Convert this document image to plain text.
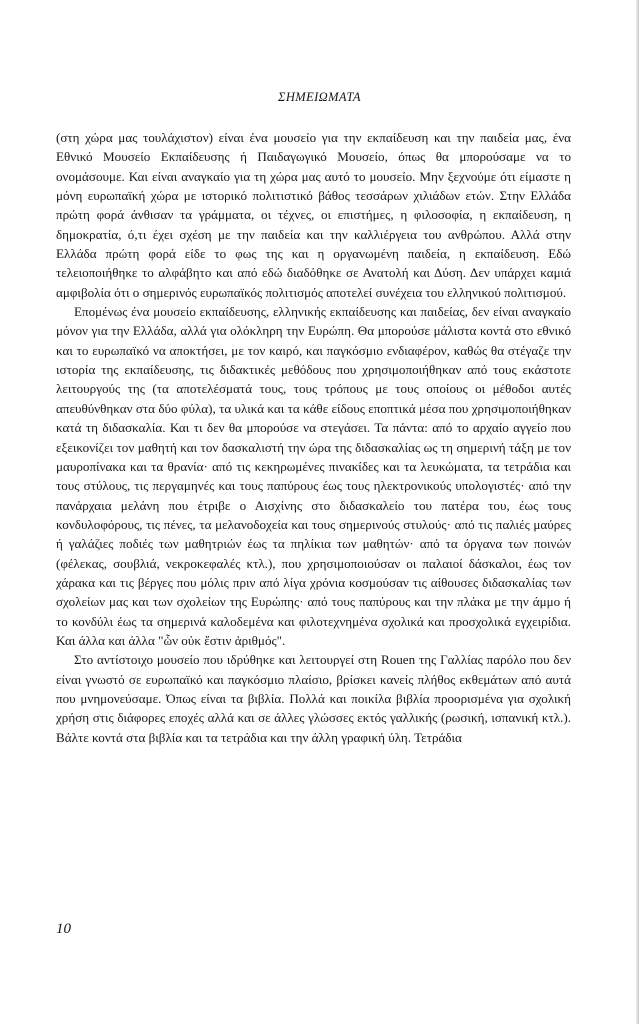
ΣΗΜΕΙΩΜΑΤΑ

(στη χώρα μας τουλάχιστον) είναι ένα μουσείο για την εκπαίδευση και την παιδεία μας, ένα Εθνικό Μουσείο Εκπαίδευσης ή Παιδαγωγικό Μουσείο, όπως θα μπορούσαμε να το ονομάσουμε. Και είναι αναγκαίο για τη χώρα μας αυτό το μουσείο. Μην ξεχνούμε ότι είμαστε η μόνη ευρωπαϊκή χώρα με ιστορικό πολιτιστικό βάθος τεσσάρων χιλιάδων ετών. Στην Ελλάδα πρώτη φορά άνθισαν τα γράμματα, οι τέχνες, οι επιστήμες, η φιλοσοφία, η εκπαίδευση, η δημοκρατία, ό,τι έχει σχέση με την παιδεία και την καλλιέργεια του ανθρώπου. Αλλά στην Ελλάδα πρώτη φορά είδε το φως της και η οργανωμένη παιδεία, η εκπαίδευση. Εδώ τελειοποιήθηκε το αλφάβητο και από εδώ διαδόθηκε σε Ανατολή και Δύση. Δεν υπάρχει καμιά αμφιβολία ότι ο σημερινός ευρωπαϊκός πολιτισμός αποτελεί συνέχεια του ελληνικού πολιτισμού.

Επομένως ένα μουσείο εκπαίδευσης, ελληνικής εκπαίδευσης και παιδείας, δεν είναι αναγκαίο μόνον για την Ελλάδα, αλλά για ολόκληρη την Ευρώπη. Θα μπορούσε μάλιστα κοντά στο εθνικό και το ευρωπαϊκό να αποκτήσει, με τον καιρό, και παγκόσμιο ενδιαφέρον, καθώς θα στέγαζε την ιστορία της εκπαίδευσης, τις διδακτικές μεθόδους που χρησιμοποιήθηκαν από τους εκάστοτε λειτουργούς της (τα αποτελέσματά τους, τους τρόπους με τους οποίους οι μέθοδοι αυτές απευθύνθηκαν στα δύο φύλα), τα υλικά και τα κάθε είδους εποπτικά μέσα που χρησιμοποιήθηκαν κατά τη διδασκαλία. Και τι δεν θα μπορούσε να στεγάσει. Τα πάντα: από το αρχαίο αγγείο που εξεικονίζει τον μαθητή και τον δασκαλιστή την ώρα της διδασκαλίας ως τη σημερινή τάξη με τον μαυροπίνακα και τα θρανία· από τις κεκηρωμένες πινακίδες και τα λευκώματα, τα τετράδια και τους στύλους, τις περγαμηνές και τους παπύρους έως τους ηλεκτρονικούς υπολογιστές· από την πανάρχαια μελάνη που έτριβε ο Αισχίνης στο διδασκαλείο του πατέρα του, έως τους κονδυλοφόρους, τις πένες, τα μελανοδοχεία και τους σημερινούς στυλούς· από τις παλιές μαύρες ή γαλάζιες ποδιές των μαθητριών έως τα πηλίκια των μαθητών· από τα όργανα των ποινών (φέλεκας, σουβλιά, νεκροκεφαλές κτλ.), που χρησιμοποιούσαν οι παλαιοί δάσκαλοι, έως τον χάρακα και τις βέργες που μόλις πριν από λίγα χρόνια κοσμούσαν τις αίθουσες διδασκαλίας των σχολείων μας και των σχολείων της Ευρώπης· από τους παπύρους και την πλάκα με την άμμο ή το κονδύλι έως τα σημερινά καλοδεμένα και φιλοτεχνημένα σχολικά και προσχολικά εγχειρίδια. Και άλλα και άλλα "ὧν οὐκ ἔστιν ἀριθμός".

Στο αντίστοιχο μουσείο που ιδρύθηκε και λειτουργεί στη Rouen της Γαλλίας παρόλο που δεν είναι γνωστό σε ευρωπαϊκό και παγκόσμιο πλαίσιο, βρίσκει κανείς πλήθος εκθεμάτων από αυτά που μνημονεύσαμε. Όπως είναι τα βιβλία. Πολλά και ποικίλα βιβλία προορισμένα για σχολική χρήση στις διάφορες εποχές αλλά και σε άλλες γλώσσες εκτός γαλλικής (ρωσική, ισπανική κτλ.). Βάλτε κοντά στα βιβλία και τα τετράδια και την άλλη γραφική ύλη. Τετράδια

10
